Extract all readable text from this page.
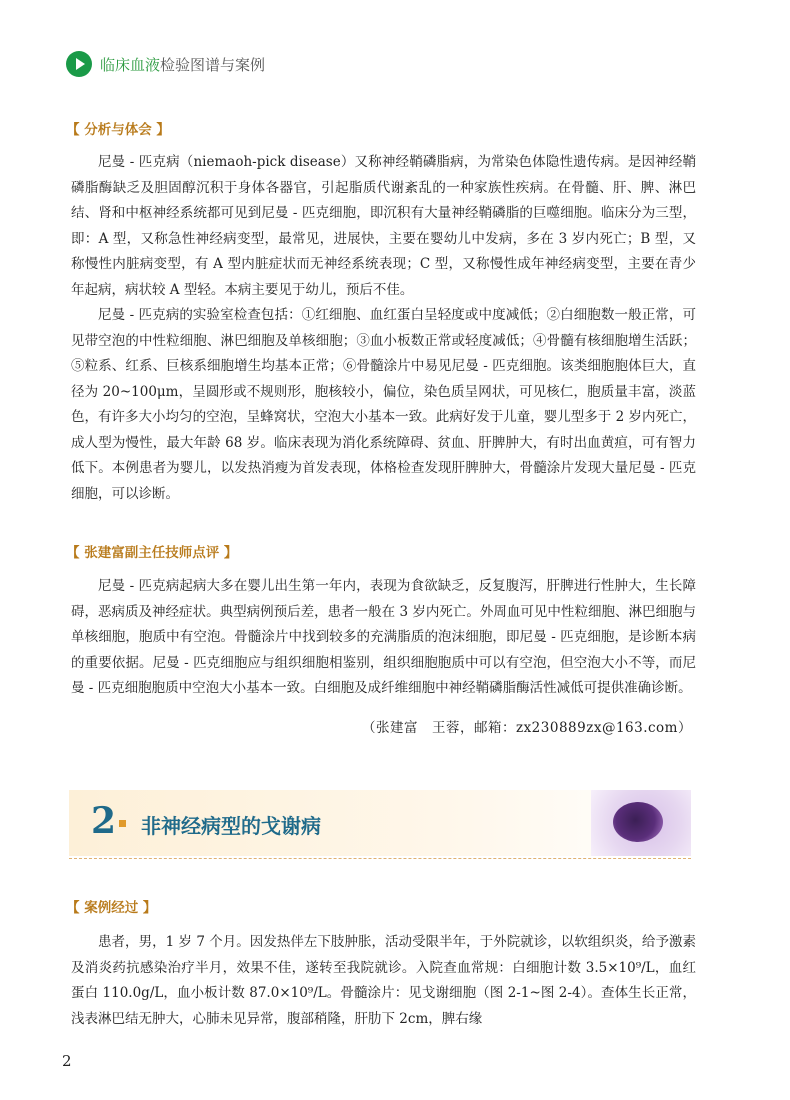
临床血液检验图谱与案例
【 分析与体会 】

尼曼 - 匹克病（niemaoh-pick disease）又称神经鞘磷脂病，为常染色体隐性遗传病。是因神经鞘磷脂酶缺乏及胆固醇沉积于身体各器官，引起脂质代谢紊乱的一种家族性疾病。在骨髓、肝、脾、淋巴结、肾和中枢神经系统都可见到尼曼 - 匹克细胞，即沉积有大量神经鞘磷脂的巨噬细胞。临床分为三型，即：A 型，又称急性神经病变型，最常见，进展快，主要在婴幼儿中发病，多在 3 岁内死亡；B 型，又称慢性内脏病变型，有 A 型内脏症状而无神经系统表现；C 型，又称慢性成年神经病变型，主要在青少年起病，病状较 A 型轻。本病主要见于幼儿，预后不佳。

尼曼 - 匹克病的实验室检查包括：①红细胞、血红蛋白呈轻度或中度减低；②白细胞数一般正常，可见带空泡的中性粒细胞、淋巴细胞及单核细胞；③血小板数正常或轻度减低；④骨髓有核细胞增生活跃；⑤粒系、红系、巨核系细胞增生均基本正常；⑥骨髓涂片中易见尼曼 - 匹克细胞。该类细胞胞体巨大，直径为 20~100μm，呈圆形或不规则形，胞核较小，偏位，染色质呈网状，可见核仁，胞质量丰富，淡蓝色，有许多大小均匀的空泡，呈蜂窝状，空泡大小基本一致。此病好发于儿童，婴儿型多于 2 岁内死亡，成人型为慢性，最大年龄 68 岁。临床表现为消化系统障碍、贫血、肝脾肿大，有时出血黄疸，可有智力低下。本例患者为婴儿，以发热消瘦为首发表现，体格检查发现肝脾肿大，骨髓涂片发现大量尼曼 - 匹克细胞，可以诊断。

【 张建富副主任技师点评 】

尼曼 - 匹克病起病大多在婴儿出生第一年内，表现为食欲缺乏，反复腹泻，肝脾进行性肿大，生长障碍，恶病质及神经症状。典型病例预后差，患者一般在 3 岁内死亡。外周血可见中性粒细胞、淋巴细胞与单核细胞，胞质中有空泡。骨髓涂片中找到较多的充满脂质的泡沫细胞，即尼曼 - 匹克细胞，是诊断本病的重要依据。尼曼 - 匹克细胞应与组织细胞相鉴别，组织细胞胞质中可以有空泡，但空泡大小不等，而尼曼 - 匹克细胞胞质中空泡大小基本一致。白细胞及成纤维细胞中神经鞘磷脂酶活性减低可提供准确诊断。

（张建富　王蓉，邮箱：zx230889zx@163.com）
2 非神经病型的戈谢病
【 案例经过 】

患者，男，1 岁 7 个月。因发热伴左下肢肿胀，活动受限半年，于外院就诊，以软组织炎，给予激素及消炎药抗感染治疗半月，效果不佳，遂转至我院就诊。入院查血常规：白细胞计数 3.5×10⁹/L，血红蛋白 110.0g/L，血小板计数 87.0×10⁹/L。骨髓涂片：见戈谢细胞（图 2-1~图 2-4）。查体生长正常，浅表淋巴结无肿大，心肺未见异常，腹部稍隆，肝肋下 2cm，脾右缘

2
